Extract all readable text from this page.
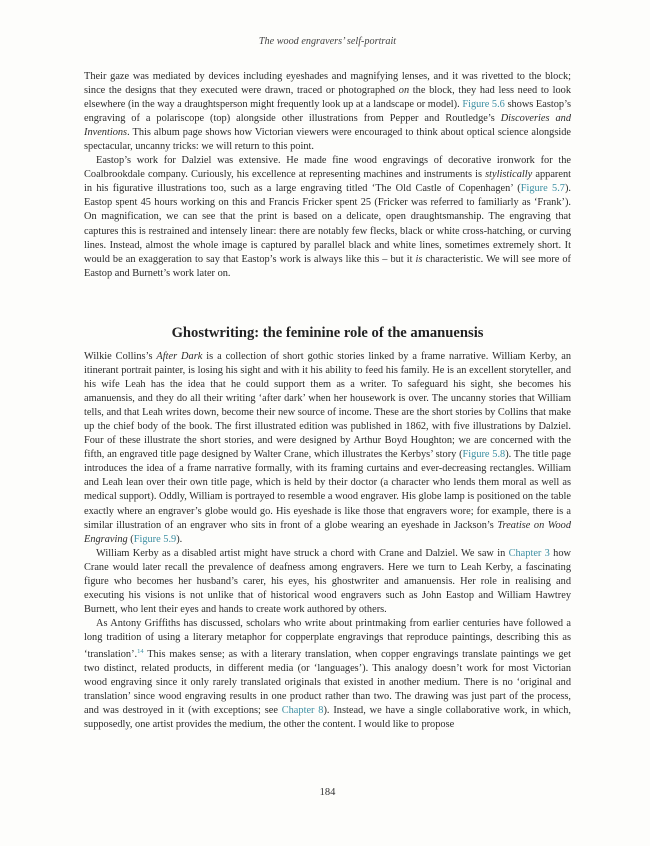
The wood engravers’ self-portrait

Their gaze was mediated by devices including eyeshades and magnifying lenses, and it was rivetted to the block; since the designs that they executed were drawn, traced or photographed on the block, they had less need to look elsewhere (in the way a draughtsperson might frequently look up at a landscape or model). Figure 5.6 shows Eastop’s engraving of a polariscope (top) alongside other illustrations from Pepper and Routledge’s Discoveries and Inventions. This album page shows how Victorian viewers were encouraged to think about optical science alongside spectacular, uncanny tricks: we will return to this point.

Eastop’s work for Dalziel was extensive. He made fine wood engravings of decorative ironwork for the Coalbrookdale company. Curiously, his excellence at representing machines and instruments is stylistically apparent in his figurative illustrations too, such as a large engraving titled ‘The Old Castle of Copenhagen’ (Figure 5.7). Eastop spent 45 hours working on this and Francis Fricker spent 25 (Fricker was referred to familiarly as ‘Frank’). On magnification, we can see that the print is based on a delicate, open draughtsmanship. The engraving that captures this is restrained and intensely linear: there are notably few flecks, black or white cross-hatching, or curving lines. Instead, almost the whole image is captured by parallel black and white lines, sometimes extremely short. It would be an exaggeration to say that Eastop’s work is always like this – but it is characteristic. We will see more of Eastop and Burnett’s work later on.

Ghostwriting: the feminine role of the amanuensis

Wilkie Collins’s After Dark is a collection of short gothic stories linked by a frame narrative. William Kerby, an itinerant portrait painter, is losing his sight and with it his ability to feed his family. He is an excellent storyteller, and his wife Leah has the idea that he could support them as a writer. To safeguard his sight, she becomes his amanuensis, and they do all their writing ‘after dark’ when her housework is over. The uncanny stories that William tells, and that Leah writes down, become their new source of income. These are the short stories by Collins that make up the chief body of the book. The first illustrated edition was published in 1862, with five illustrations by Dalziel. Four of these illustrate the short stories, and were designed by Arthur Boyd Houghton; we are concerned with the fifth, an engraved title page designed by Walter Crane, which illustrates the Kerbys’ story (Figure 5.8). The title page introduces the idea of a frame narrative formally, with its framing curtains and ever-decreasing rectangles. William and Leah lean over their own title page, which is held by their doctor (a character who lends them moral as well as medical support). Oddly, William is portrayed to resemble a wood engraver. His globe lamp is positioned on the table exactly where an engraver’s globe would go. His eyeshade is like those that engravers wore; for example, there is a similar illustration of an engraver who sits in front of a globe wearing an eyeshade in Jackson’s Treatise on Wood Engraving (Figure 5.9).

William Kerby as a disabled artist might have struck a chord with Crane and Dalziel. We saw in Chapter 3 how Crane would later recall the prevalence of deafness among engravers. Here we turn to Leah Kerby, a fascinating figure who becomes her husband’s carer, his eyes, his ghostwriter and amanuensis. Her role in realising and executing his visions is not unlike that of historical wood engravers such as John Eastop and William Hawtrey Burnett, who lent their eyes and hands to create work authored by others.

As Antony Griffiths has discussed, scholars who write about printmaking from earlier centuries have followed a long tradition of using a literary metaphor for copperplate engravings that reproduce paintings, describing this as ‘translation’.$^{14}$ This makes sense; as with a literary translation, when copper engravings translate paintings we get two distinct, related products, in different media (or ‘languages’). This analogy doesn’t work for most Victorian wood engraving since it only rarely translated originals that existed in another medium. There is no ‘original and translation’ since wood engraving results in one product rather than two. The drawing was just part of the process, and was destroyed in it (with exceptions; see Chapter 8). Instead, we have a single collaborative work, in which, supposedly, one artist provides the medium, the other the content. I would like to propose

184
